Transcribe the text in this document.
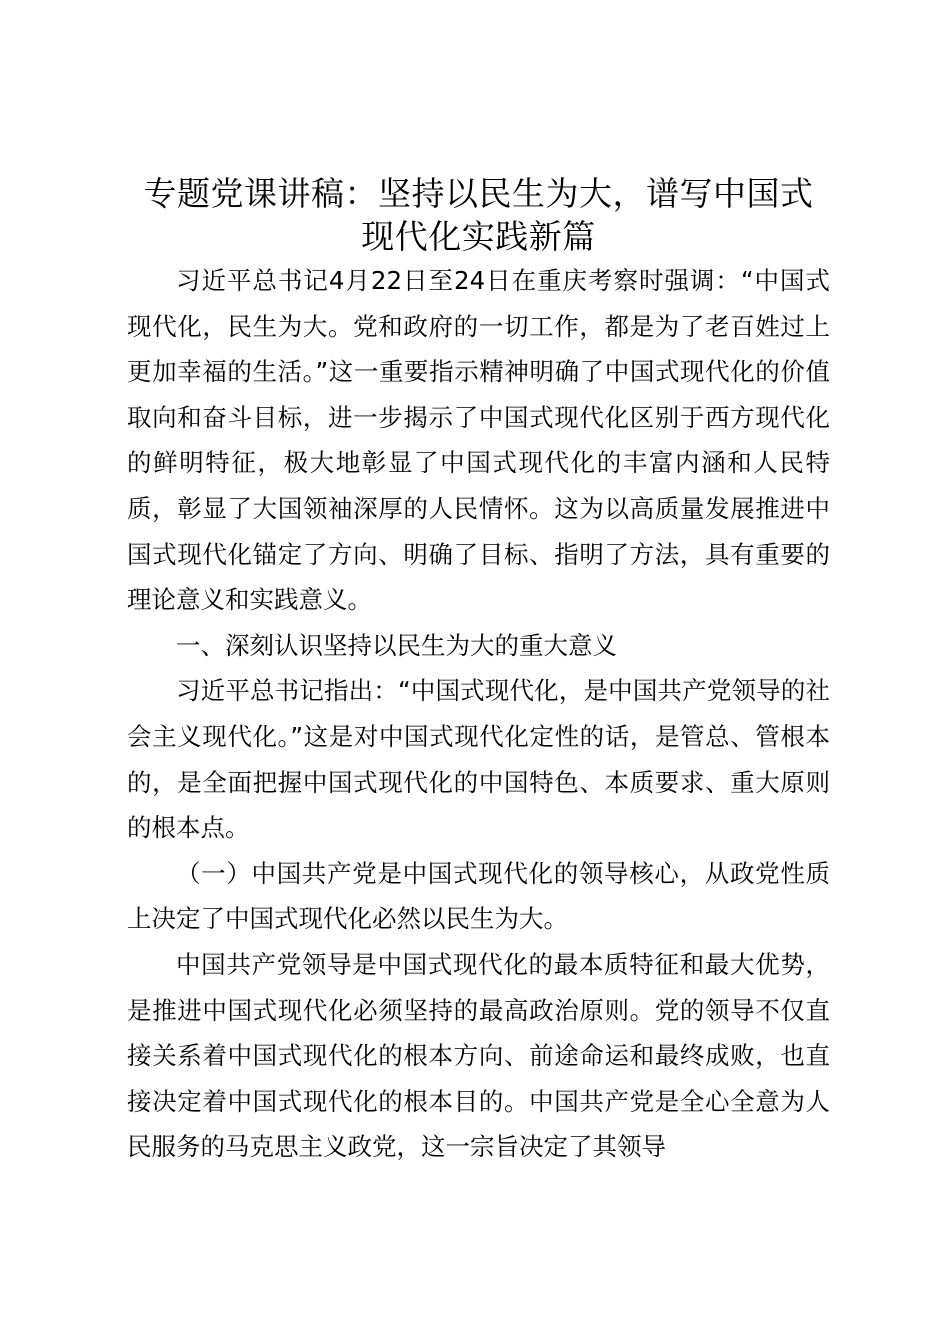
专题党课讲稿：坚持以民生为大，谱写中国式现代化实践新篇

习近平总书记4月22日至24日在重庆考察时强调：“中国式现代化，民生为大。党和政府的一切工作，都是为了老百姓过上更加幸福的生活。”这一重要指示精神明确了中国式现代化的价值取向和奋斗目标，进一步揭示了中国式现代化区别于西方现代化的鲜明特征，极大地彰显了中国式现代化的丰富内涵和人民特质，彰显了大国领袖深厚的人民情怀。这为以高质量发展推进中国式现代化锚定了方向、明确了目标、指明了方法，具有重要的理论意义和实践意义。

一、深刻认识坚持以民生为大的重大意义

习近平总书记指出：“中国式现代化，是中国共产党领导的社会主义现代化。”这是对中国式现代化定性的话，是管总、管根本的，是全面把握中国式现代化的中国特色、本质要求、重大原则的根本点。

（一）中国共产党是中国式现代化的领导核心，从政党性质上决定了中国式现代化必然以民生为大。

中国共产党领导是中国式现代化的最本质特征和最大优势，是推进中国式现代化必须坚持的最高政治原则。党的领导不仅直接关系着中国式现代化的根本方向、前途命运和最终成败，也直接决定着中国式现代化的根本目的。中国共产党是全心全意为人民服务的马克思主义政党，这一宗旨决定了其领导
